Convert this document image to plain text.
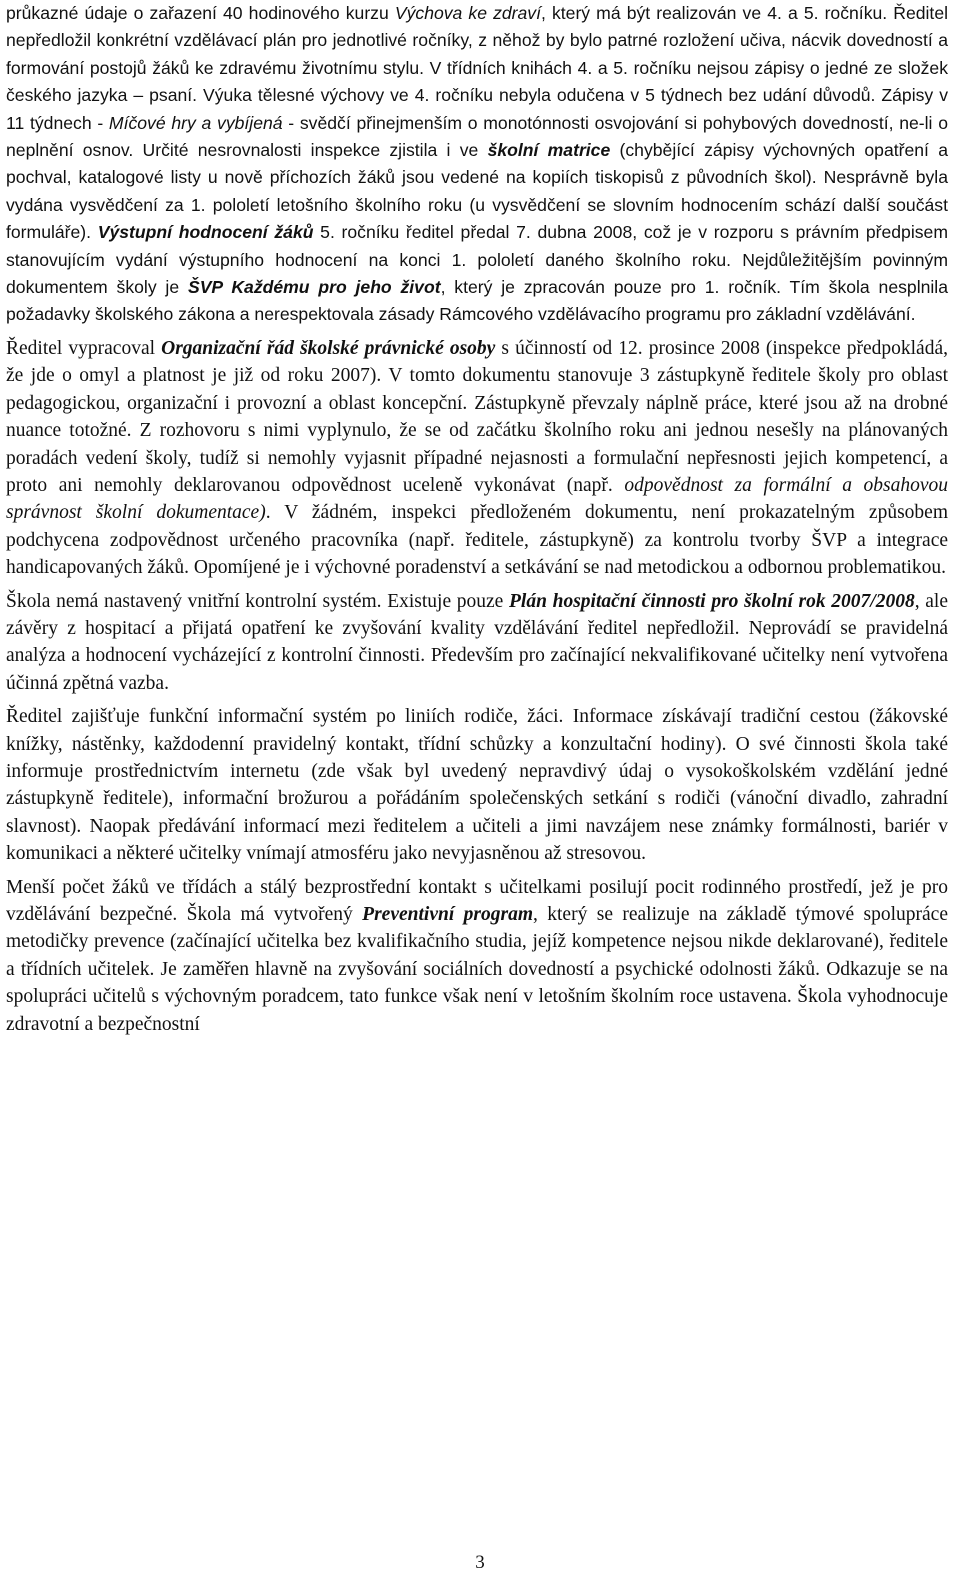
průkazné údaje o zařazení 40 hodinového kurzu Výchova ke zdraví, který má být realizován ve 4. a 5. ročníku. Ředitel nepředložil konkrétní vzdělávací plán pro jednotlivé ročníky, z něhož by bylo patrné rozložení učiva, nácvik dovedností a formování postojů žáků ke zdravému životnímu stylu. V třídních knihách 4. a 5. ročníku nejsou zápisy o jedné ze složek českého jazyka – psaní. Výuka tělesné výchovy ve 4. ročníku nebyla odučena v 5 týdnech bez udání důvodů. Zápisy v 11 týdnech - Míčové hry a vybíjená - svědčí přinejmenším o monotónnosti osvojování si pohybových dovedností, ne-li o neplnění osnov. Určité nesrovnalosti inspekce zjistila i ve školní matrice (chybějící zápisy výchovných opatření a pochval, katalogové listy u nově příchozích žáků jsou vedené na kopiích tiskopisů z původních škol). Nesprávně byla vydána vysvědčení za 1. pololetí letošního školního roku (u vysvědčení se slovním hodnocením schází další součást formuláře). Výstupní hodnocení žáků 5. ročníku ředitel předal 7. dubna 2008, což je v rozporu s právním předpisem stanovujícím vydání výstupního hodnocení na konci 1. pololetí daného školního roku. Nejdůležitějším povinným dokumentem školy je ŠVP Každému pro jeho život, který je zpracován pouze pro 1. ročník. Tím škola nesplnila požadavky školského zákona a nerespektovala zásady Rámcového vzdělávacího programu pro základní vzdělávání.

Ředitel vypracoval Organizační řád školské právnické osoby s účinností od 12. prosince 2008 (inspekce předpokládá, že jde o omyl a platnost je již od roku 2007). V tomto dokumentu stanovuje 3 zástupkyně ředitele školy pro oblast pedagogickou, organizační i provozní a oblast koncepční. Zástupkyně převzaly náplně práce, které jsou až na drobné nuance totožné. Z rozhovoru s nimi vyplynulo, že se od začátku školního roku ani jednou nesešly na plánovaných poradách vedení školy, tudíž si nemohly vyjasnit případné nejasnosti a formulační nepřesnosti jejich kompetencí, a proto ani nemohly deklarovanou odpovědnost uceleně vykonávat (např. odpovědnost za formální a obsahovou správnost školní dokumentace). V žádném, inspekci předloženém dokumentu, není prokazatelným způsobem podchycena zodpovědnost určeného pracovníka (např. ředitele, zástupkyně) za kontrolu tvorby ŠVP a integrace handicapovaných žáků. Opomíjené je i výchovné poradenství a setkávání se nad metodickou a odbornou problematikou.

Škola nemá nastavený vnitřní kontrolní systém. Existuje pouze Plán hospitační činnosti pro školní rok 2007/2008, ale závěry z hospitací a přijatá opatření ke zvyšování kvality vzdělávání ředitel nepředložil. Neprovádí se pravidelná analýza a hodnocení vycházející z kontrolní činnosti. Především pro začínající nekvalifikované učitelky není vytvořena účinná zpětná vazba.

Ředitel zajišťuje funkční informační systém po liniích rodiče, žáci. Informace získávají tradiční cestou (žákovské knížky, nástěnky, každodenní pravidelný kontakt, třídní schůzky a konzultační hodiny). O své činnosti škola také informuje prostřednictvím internetu (zde však byl uvedený nepravdivý údaj o vysokoškolském vzdělání jedné zástupkyně ředitele), informační brožurou a pořádáním společenských setkání s rodiči (vánoční divadlo, zahradní slavnost). Naopak předávání informací mezi ředitelem a učiteli a jimi navzájem nese známky formálnosti, bariér v komunikaci a některé učitelky vnímají atmosféru jako nevyjasněnou až stresovou.

Menší počet žáků ve třídách a stálý bezprostřední kontakt s učitelkami posilují pocit rodinného prostředí, jež je pro vzdělávání bezpečné. Škola má vytvořený Preventivní program, který se realizuje na základě týmové spolupráce metodičky prevence (začínající učitelka bez kvalifikačního studia, jejíž kompetence nejsou nikde deklarované), ředitele a třídních učitelek. Je zaměřen hlavně na zvyšování sociálních dovedností a psychické odolnosti žáků. Odkazuje se na spolupráci učitelů s výchovným poradcem, tato funkce však není v letošním školním roce ustavena. Škola vyhodnocuje zdravotní a bezpečnostní

3
